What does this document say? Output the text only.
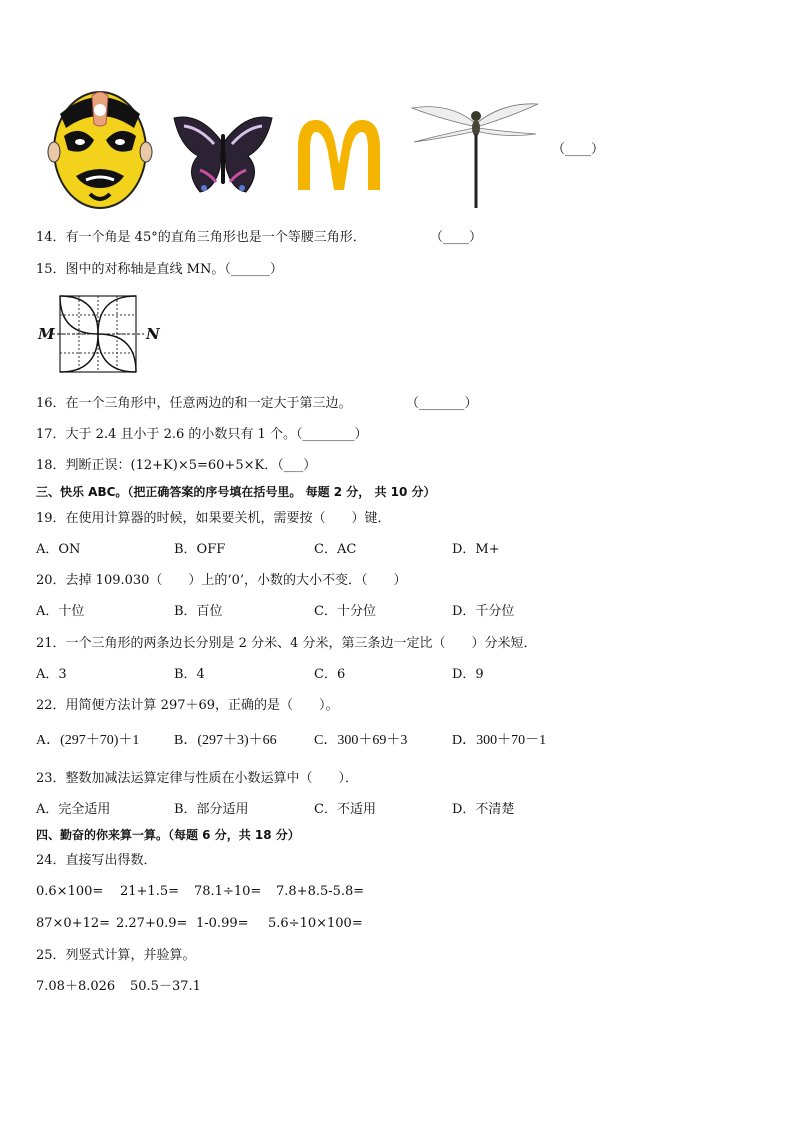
（____）
14．有一个角是 45°的直角三角形也是一个等腰三角形．	（____）
15．图中的对称轴是直线 MN。（______）
M	N
16．在一个三角形中，任意两边的和一定大于第三边。	（_______）
17．大于 2.4 且小于 2.6 的小数只有 1 个。（________）
18．判断正误：(12+K)×5=60+5×K．（___）
三、快乐 ABC。（把正确答案的序号填在括号里。 每题 2 分， 共 10 分）
19．在使用计算器的时候，如果要关机，需要按（　　）键．
A．ON	B．OFF	C．AC	D．M+
20．去掉 109.030（　　）上的‘0’，小数的大小不变．（　　）
A．十位	B．百位	C．十分位	D．千分位
21．一个三角形的两条边长分别是 2 分米、4 分米，第三条边一定比（　　）分米短．
A．3	B．4	C．6	D．9
22．用简便方法计算 297＋69，正确的是（　　）。
A．(297＋70)＋1 B．(297＋3)＋66	C．300＋69＋3	D．300＋70－1
23．整数加减法运算定律与性质在小数运算中（　　）．
A．完全适用	B．部分适用	C．不适用	D．不清楚
四、勤奋的你来算一算。（每题 6 分，共 18 分）
24．直接写出得数．
0.6×100= 21+1.5= 78.1÷10= 7.8+8.5-5.8=
87×0+12= 2.27+0.9= 1-0.99= 5.6÷10×100=
25．列竖式计算，并验算。
7.08＋8.026 50.5－37.1
